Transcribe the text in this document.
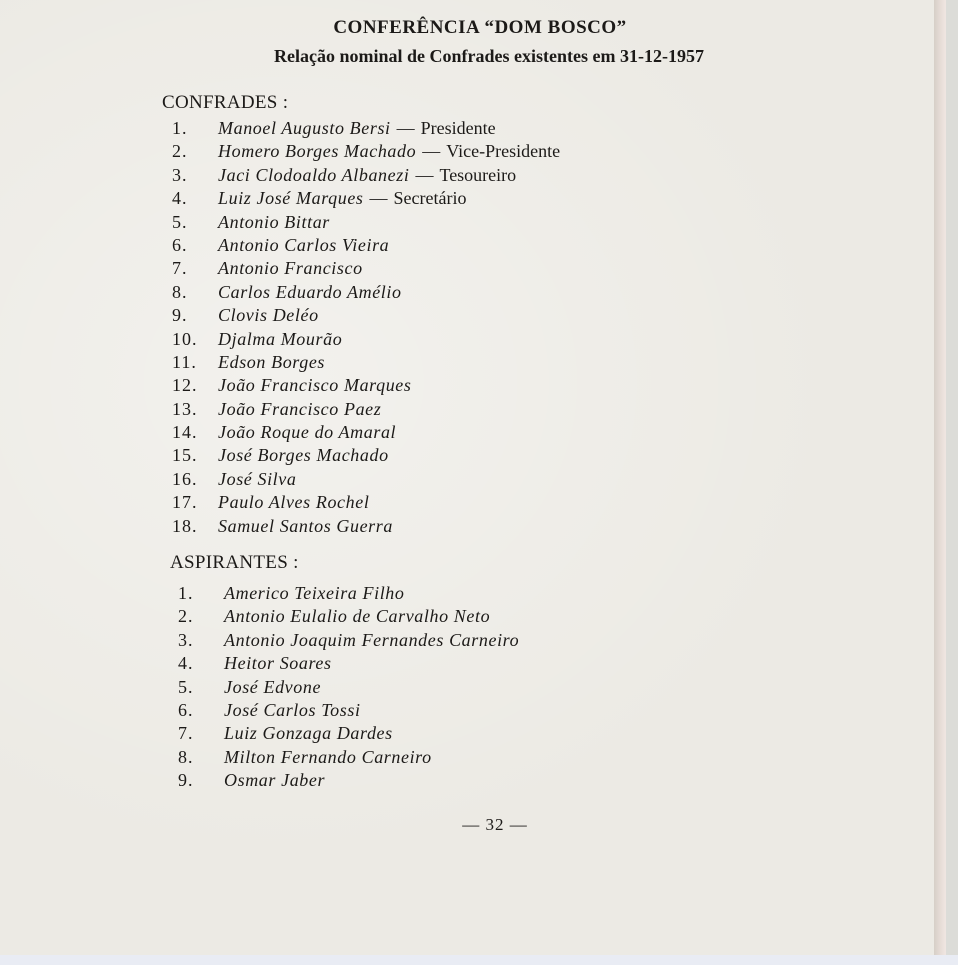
CONFERÊNCIA “DOM BOSCO”
Relação nominal de Confrades existentes em 31-12-1957
CONFRADES :
1. Manoel Augusto Bersi — Presidente
2. Homero Borges Machado — Vice-Presidente
3. Jaci Clodoaldo Albanezi — Tesoureiro
4. Luiz José Marques — Secretário
5. Antonio Bittar
6. Antonio Carlos Vieira
7. Antonio Francisco
8. Carlos Eduardo Amélio
9. Clovis Deléo
10. Djalma Mourão
11. Edson Borges
12. João Francisco Marques
13. João Francisco Paez
14. João Roque do Amaral
15. José Borges Machado
16. José Silva
17. Paulo Alves Rochel
18. Samuel Santos Guerra
ASPIRANTES :
1. Americo Teixeira Filho
2. Antonio Eulalio de Carvalho Neto
3. Antonio Joaquim Fernandes Carneiro
4. Heitor Soares
5. José Edvone
6. José Carlos Tossi
7. Luiz Gonzaga Dardes
8. Milton Fernando Carneiro
9. Osmar Jaber
— 32 —
